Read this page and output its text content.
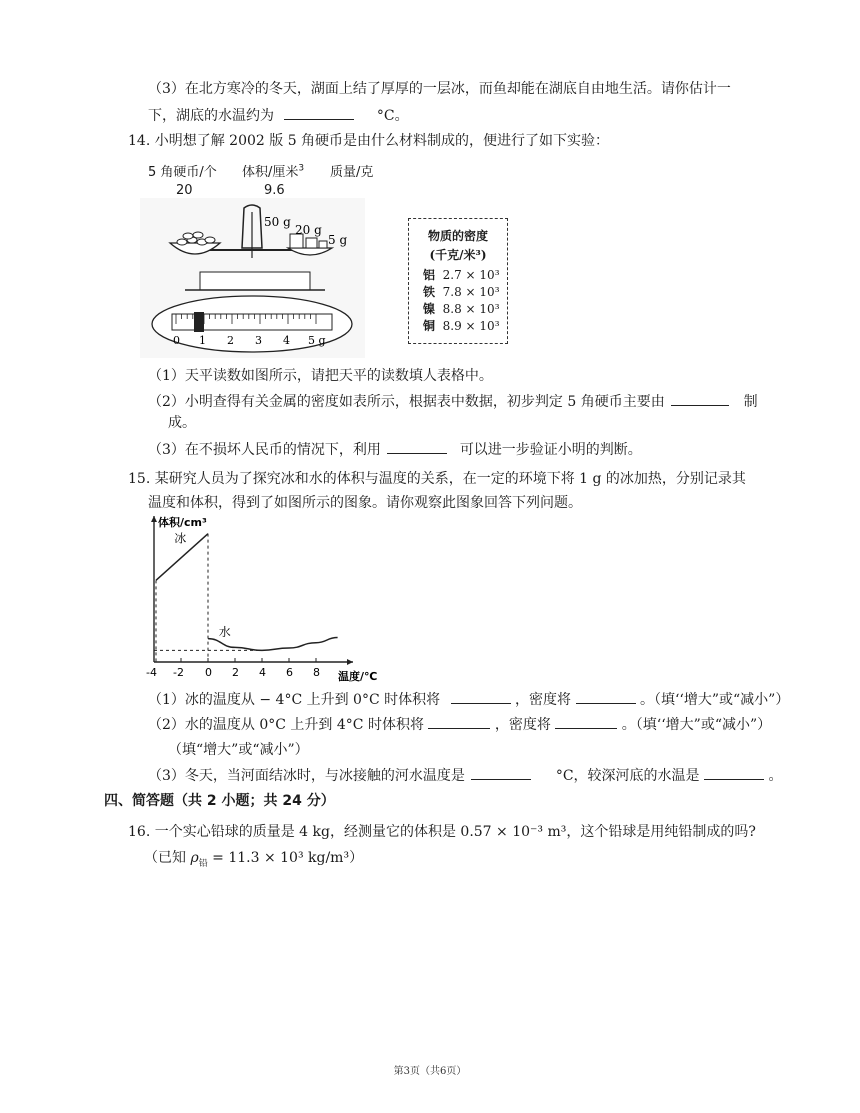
（3）在北方寒冷的冬天，湖面上结了厚厚的一层冰，而鱼却能在湖底自由地生活。请你估计一
下，湖底的水温约为	°C。
14. 小明想了解 2002 版 5 角硬币是由什么材料制成的，便进行了如下实验：
5 角硬币/个 体积/厘米$^3$ 质量/克
20	9.6
50 g
20 g
5 g
0 1 2 3 4 5 g
物质的密度
(千克/米³)
铝 2.7 × 10³
铁 7.8 × 10³
镍 8.8 × 10³
铜 8.9 × 10³
（1）天平读数如图所示，请把天平的读数填人表格中。
（2）小明查得有关金属的密度如表所示，根据表中数据，初步判定 5 角硬币主要由	制
成。
（3）在不损坏人民币的情况下，利用	可以进一步验证小明的判断。
15. 某研究人员为了探究冰和水的体积与温度的关系，在一定的环境下将 1 g 的冰加热，分别记录其
温度和体积，得到了如图所示的图象。请你观察此图象回答下列问题。
冰
水
-4 -2 0 2 4 6 8
体积/cm³
温度/℃
（1）冰的温度从 − 4°C 上升到 0°C 时体积将	，密度将	。（填‘‘增大”或“减小”）
（2）水的温度从 0°C 上升到 4°C 时体积将	，密度将	。（填‘‘增大”或“减小”）
（填“增大”或“减小”）
（3）冬天，当河面结冰时，与冰接触的河水温度是	°C，较深河底的水温是	。
四、简答题（共 2 小题；共 24 分）
16. 一个实心铅球的质量是 4 kg，经测量它的体积是 0.57 × 10⁻³ m³，这个铅球是用纯铅制成的吗?
（已知 $\rho_铅 = 11.3 \times 10^3$ kg/m³）
第3页（共6页）
